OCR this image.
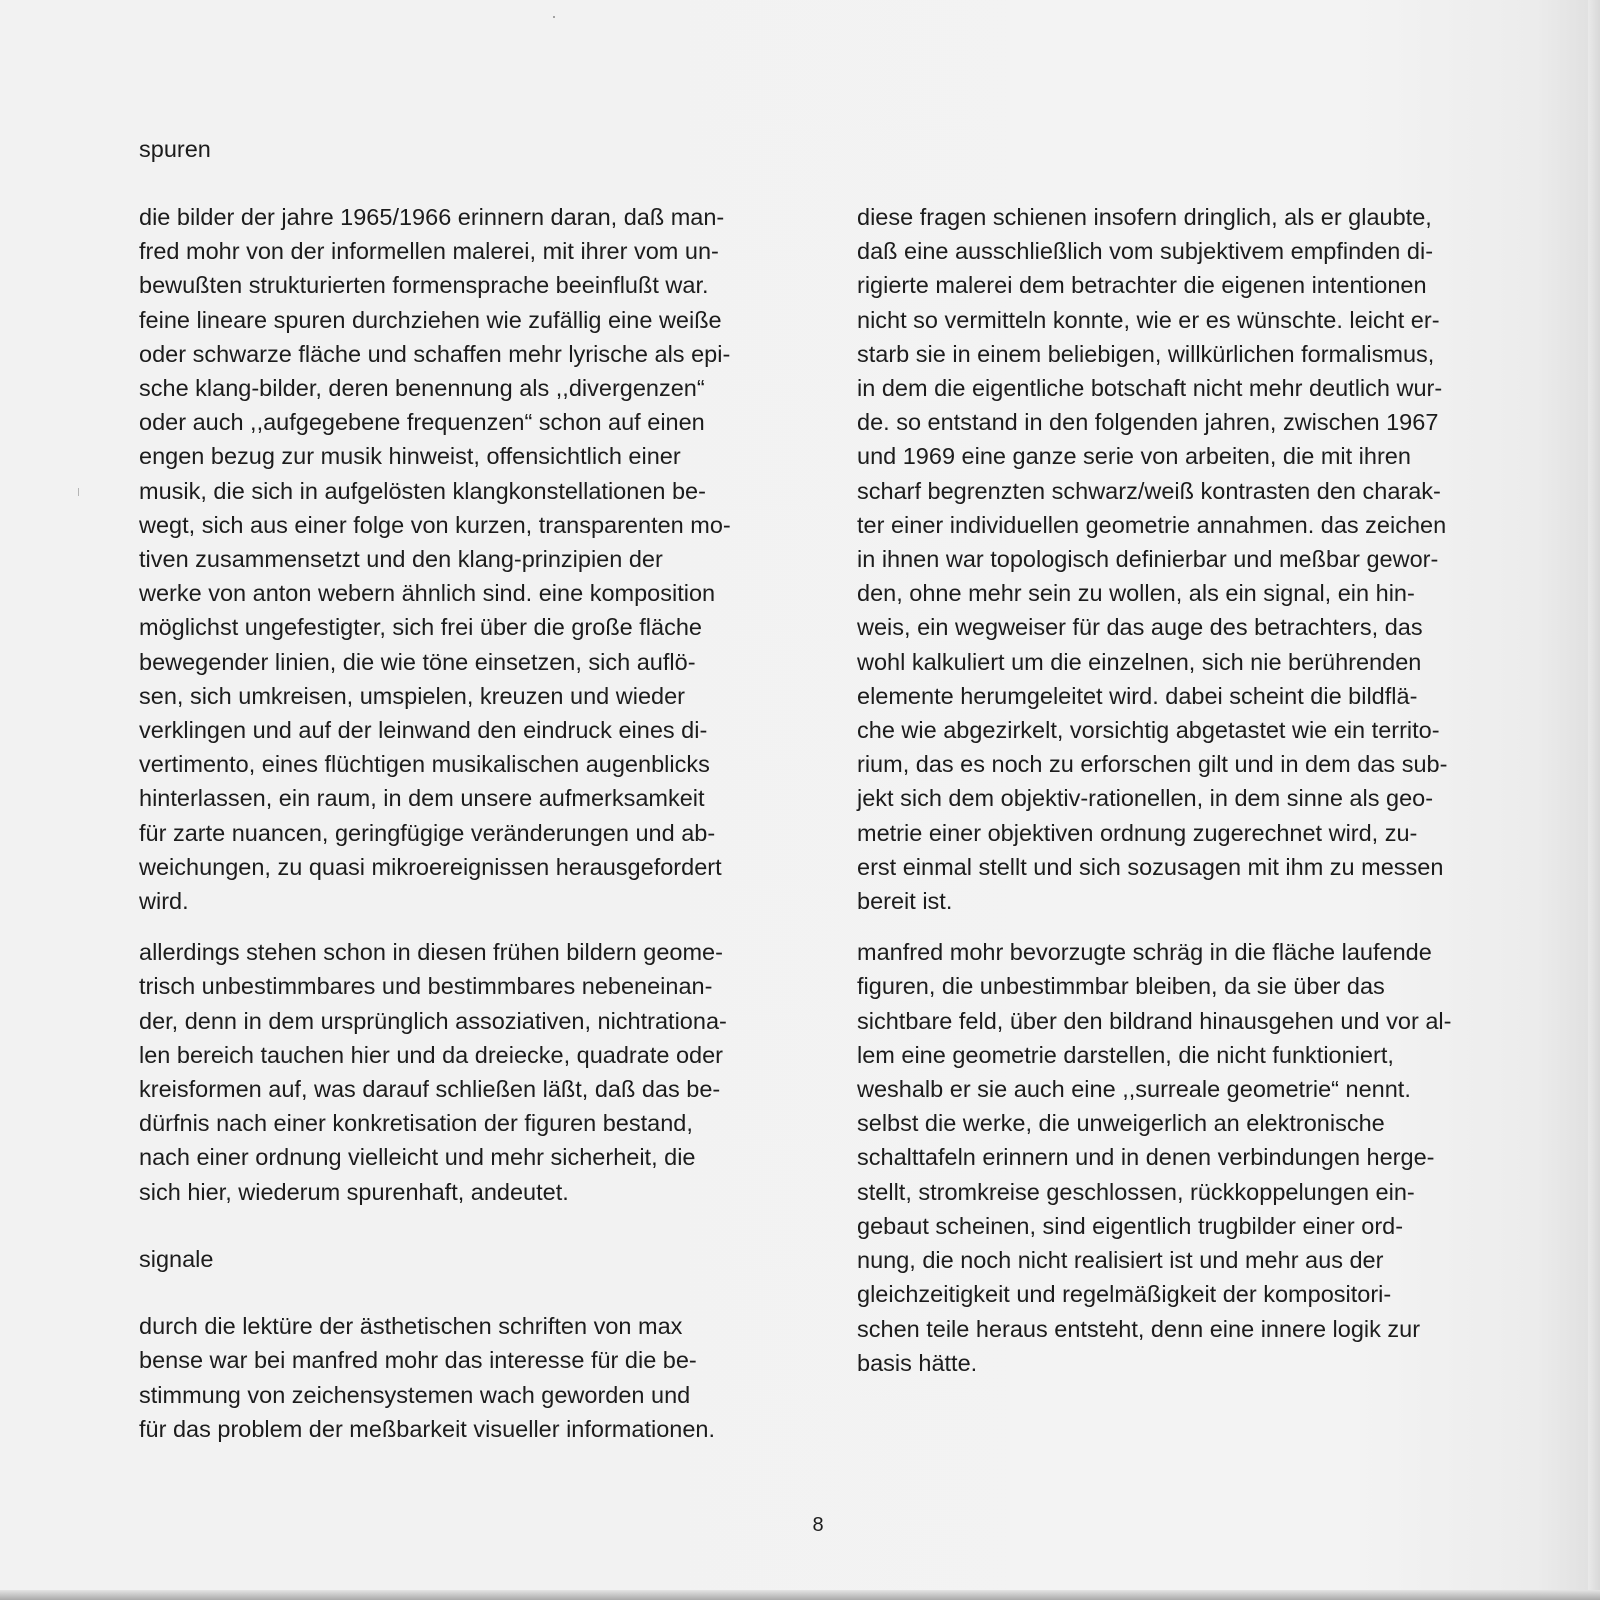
spuren

die bilder der jahre 1965/1966 erinnern daran, daß man-
fred mohr von der informellen malerei, mit ihrer vom un-
bewußten strukturierten formensprache beeinflußt war.
feine lineare spuren durchziehen wie zufällig eine weiße
oder schwarze fläche und schaffen mehr lyrische als epi-
sche klang-bilder, deren benennung als ,,divergenzen“
oder auch ,,aufgegebene frequenzen“ schon auf einen
engen bezug zur musik hinweist, offensichtlich einer
musik, die sich in aufgelösten klangkonstellationen be-
wegt, sich aus einer folge von kurzen, transparenten mo-
tiven zusammensetzt und den klang-prinzipien der
werke von anton webern ähnlich sind. eine komposition
möglichst ungefestigter, sich frei über die große fläche
bewegender linien, die wie töne einsetzen, sich auflö-
sen, sich umkreisen, umspielen, kreuzen und wieder
verklingen und auf der leinwand den eindruck eines di-
vertimento, eines flüchtigen musikalischen augenblicks
hinterlassen, ein raum, in dem unsere aufmerksamkeit
für zarte nuancen, geringfügige veränderungen und ab-
weichungen, zu quasi mikroereignissen herausgefordert
wird.

allerdings stehen schon in diesen frühen bildern geome-
trisch unbestimmbares und bestimmbares nebeneinan-
der, denn in dem ursprünglich assoziativen, nichtrationa-
len bereich tauchen hier und da dreiecke, quadrate oder
kreisformen auf, was darauf schließen läßt, daß das be-
dürfnis nach einer konkretisation der figuren bestand,
nach einer ordnung vielleicht und mehr sicherheit, die
sich hier, wiederum spurenhaft, andeutet.

signale

durch die lektüre der ästhetischen schriften von max
bense war bei manfred mohr das interesse für die be-
stimmung von zeichensystemen wach geworden und
für das problem der meßbarkeit visueller informationen.

diese fragen schienen insofern dringlich, als er glaubte,
daß eine ausschließlich vom subjektivem empfinden di-
rigierte malerei dem betrachter die eigenen intentionen
nicht so vermitteln konnte, wie er es wünschte. leicht er-
starb sie in einem beliebigen, willkürlichen formalismus,
in dem die eigentliche botschaft nicht mehr deutlich wur-
de. so entstand in den folgenden jahren, zwischen 1967
und 1969 eine ganze serie von arbeiten, die mit ihren
scharf begrenzten schwarz/weiß kontrasten den charak-
ter einer individuellen geometrie annahmen. das zeichen
in ihnen war topologisch definierbar und meßbar gewor-
den, ohne mehr sein zu wollen, als ein signal, ein hin-
weis, ein wegweiser für das auge des betrachters, das
wohl kalkuliert um die einzelnen, sich nie berührenden
elemente herumgeleitet wird. dabei scheint die bildflä-
che wie abgezirkelt, vorsichtig abgetastet wie ein territo-
rium, das es noch zu erforschen gilt und in dem das sub-
jekt sich dem objektiv-rationellen, in dem sinne als geo-
metrie einer objektiven ordnung zugerechnet wird, zu-
erst einmal stellt und sich sozusagen mit ihm zu messen
bereit ist.

manfred mohr bevorzugte schräg in die fläche laufende
figuren, die unbestimmbar bleiben, da sie über das
sichtbare feld, über den bildrand hinausgehen und vor al-
lem eine geometrie darstellen, die nicht funktioniert,
weshalb er sie auch eine ,,surreale geometrie“ nennt.
selbst die werke, die unweigerlich an elektronische
schalttafeln erinnern und in denen verbindungen herge-
stellt, stromkreise geschlossen, rückkoppelungen ein-
gebaut scheinen, sind eigentlich trugbilder einer ord-
nung, die noch nicht realisiert ist und mehr aus der
gleichzeitigkeit und regelmäßigkeit der kompositori-
schen teile heraus entsteht, denn eine innere logik zur
basis hätte.

8
